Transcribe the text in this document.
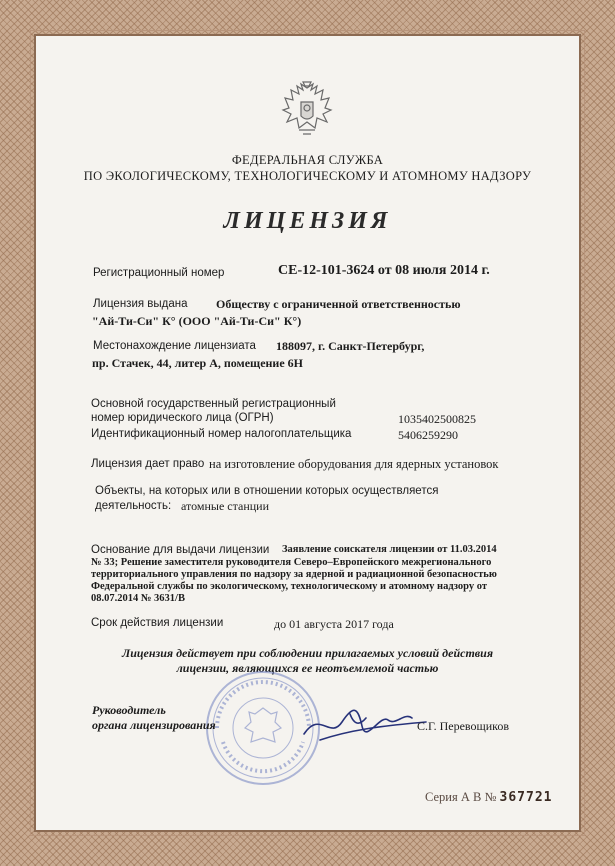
ФЕДЕРАЛЬНАЯ СЛУЖБА
ПО ЭКОЛОГИЧЕСКОМУ, ТЕХНОЛОГИЧЕСКОМУ И АТОМНОМУ НАДЗОРУ
ЛИЦЕНЗИЯ
Регистрационный номер	СЕ-12-101-3624 от 08 июля 2014 г.
Лицензия выдана Обществу с ограниченной ответственностью
"Ай-Ти-Си" К° (ООО "Ай-Ти-Си" К°)
Местонахождение лицензиата 188097, г. Санкт-Петербург,
пр. Стачек, 44, литер А, помещение 6Н
Основной государственный регистрационный
номер юридического лица (ОГРН)	1035402500825
Идентификационный номер налогоплательщика	5406259290
Лицензия дает право на изготовление оборудования для ядерных установок
Объекты, на которых или в отношении которых осуществляется
деятельность: атомные станции
Основание для выдачи лицензии Заявление соискателя лицензии от 11.03.2014
№ 33; Решение заместителя руководителя Северо–Европейского межрегионального
территориального управления по надзору за ядерной и радиационной безопасностью
Федеральной службы по экологическому, технологическому и атомному надзору от
08.07.2014 № 3631/В
Срок действия лицензии	до 01 августа 2017 года
Лицензия действует при соблюдении прилагаемых условий действия
лицензии, являющихся ее неотъемлемой частью
Руководитель
органа лицензирования	С.Г. Перевощиков
Серия А В № 367721
